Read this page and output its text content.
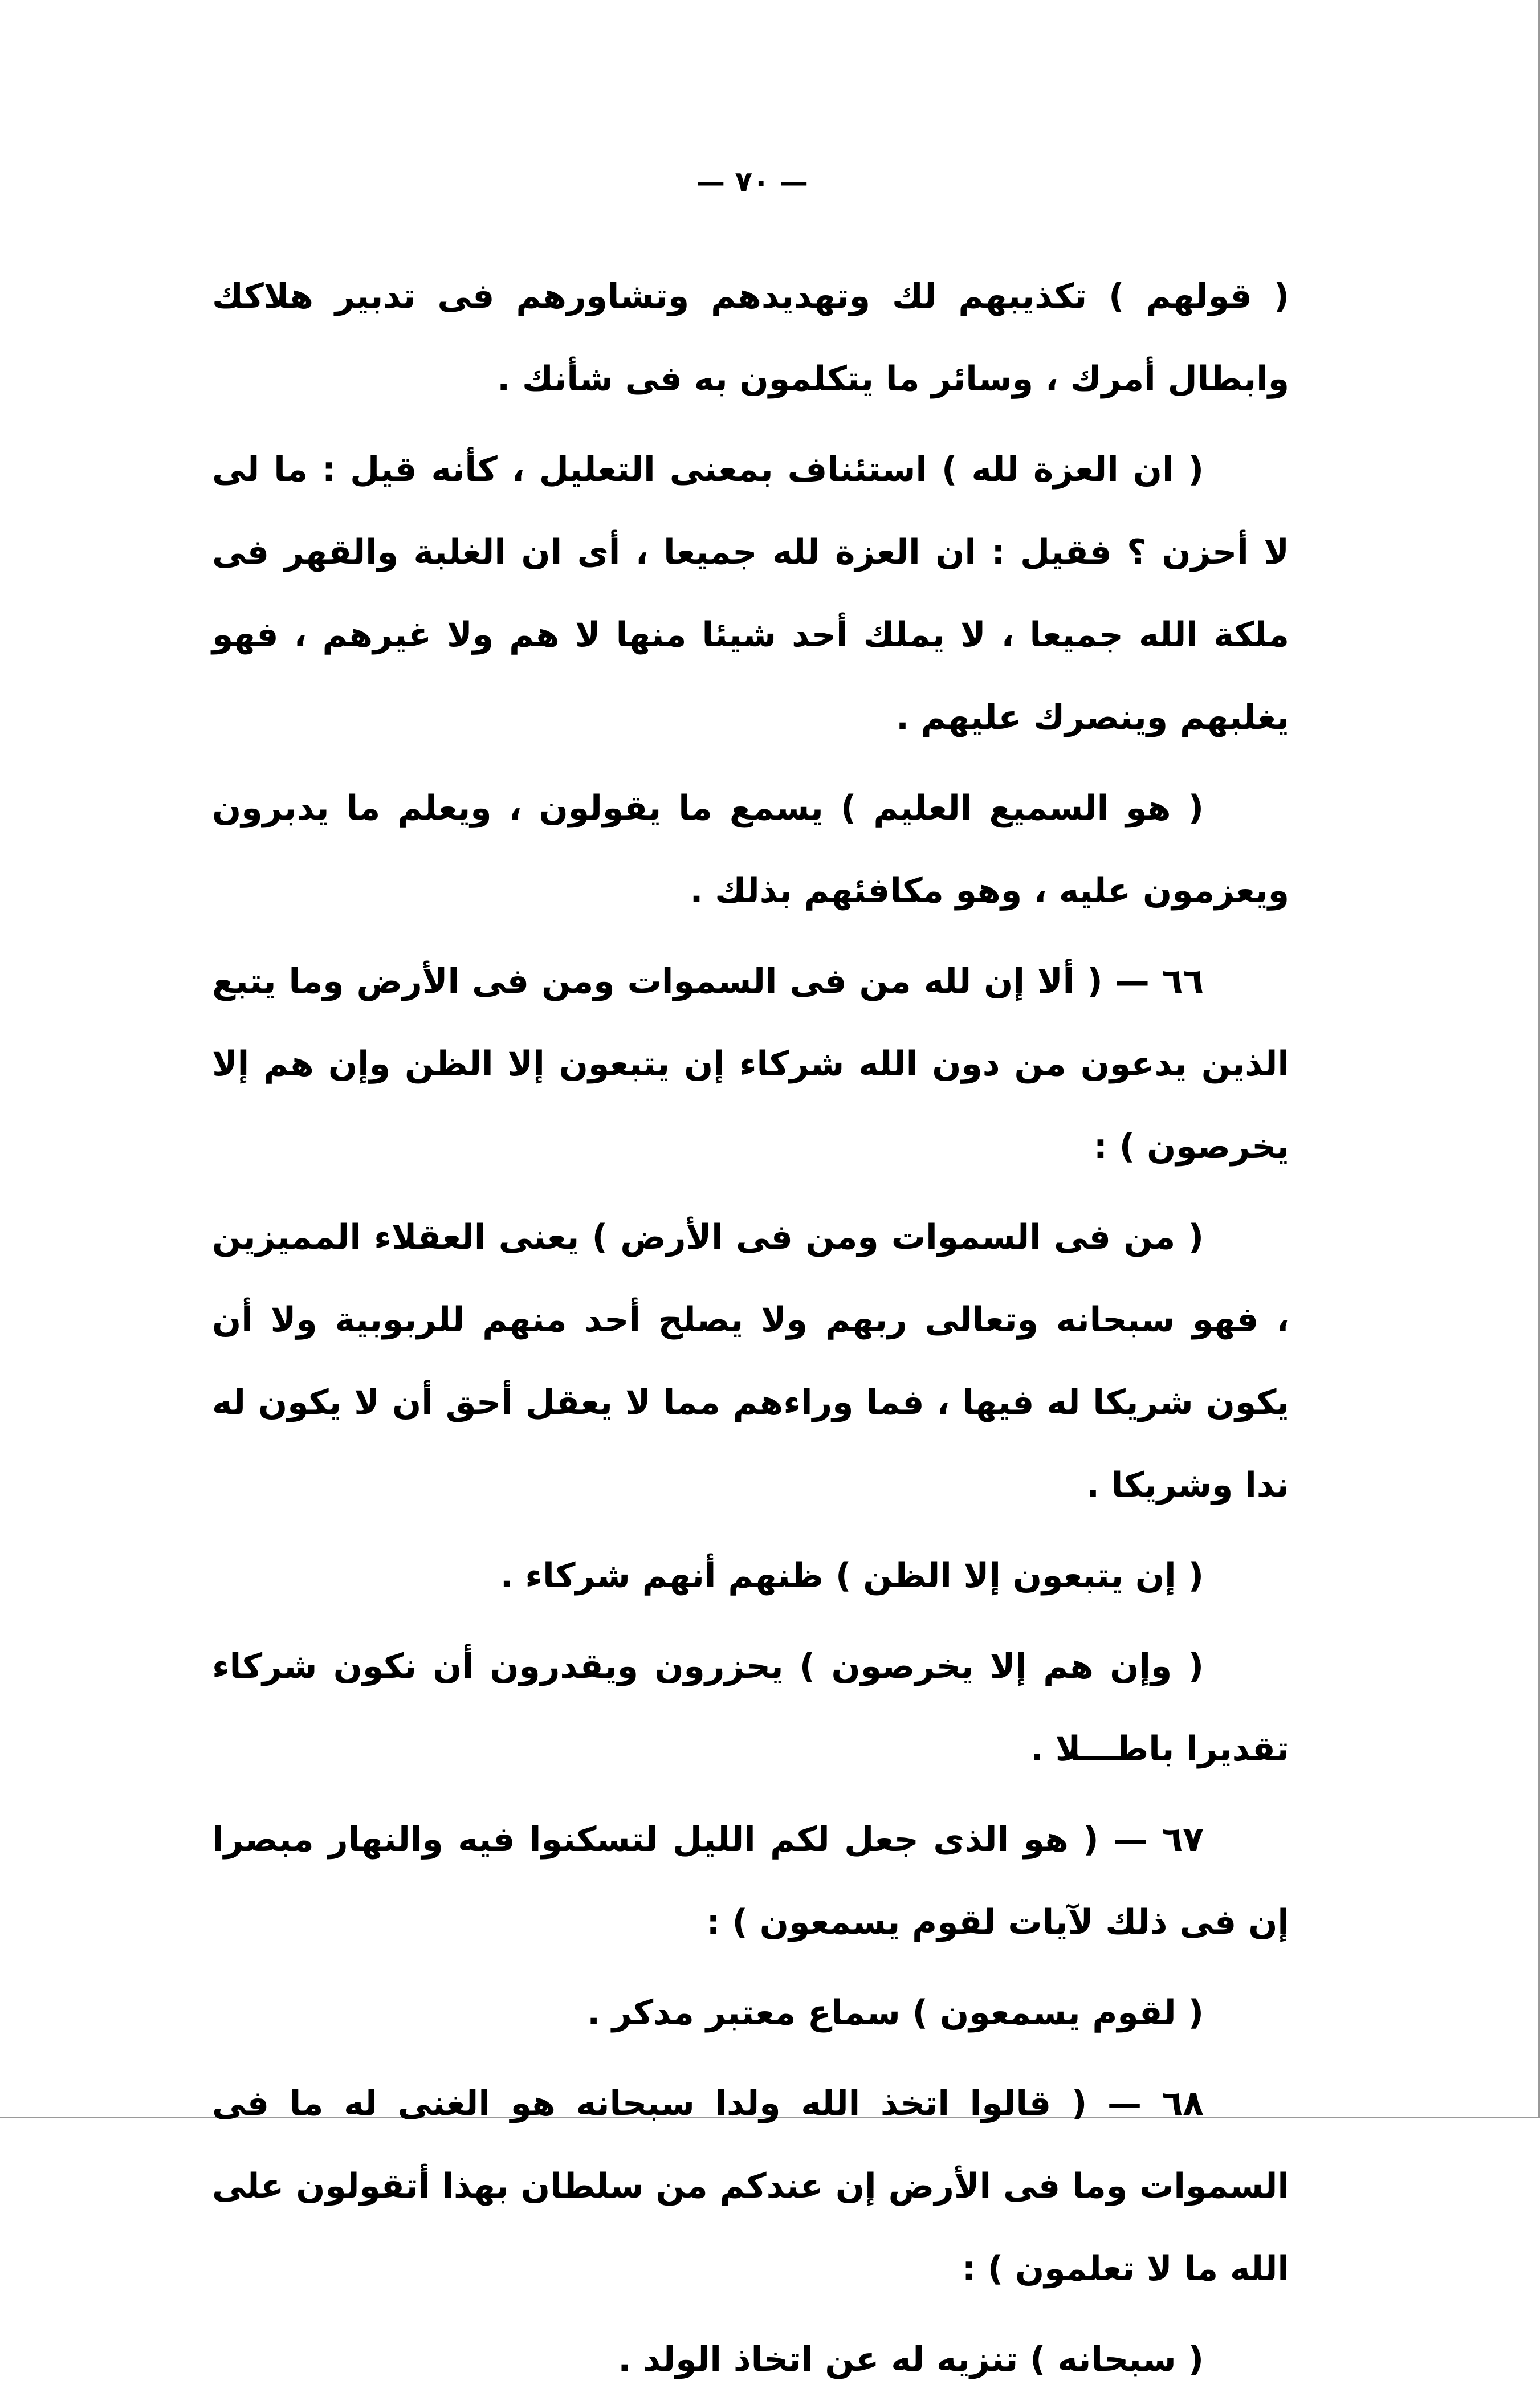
— ٧٠ —

( قولهم ) تكذيبهم لك وتهديدهم وتشاورهم فى تدبير هلاكك وابطال أمرك ، وسائر ما يتكلمون به فى شأنك .

( ان العزة لله ) استئناف بمعنى التعليل ، كأنه قيل : ما لى لا أحزن ؟ فقيل : ان العزة لله جميعا ، أى ان الغلبة والقهر فى ملكة الله جميعا ، لا يملك أحد شيئا منها لا هم ولا غيرهم ، فهو يغلبهم وينصرك عليهم .

( هو السميع العليم ) يسمع ما يقولون ، ويعلم ما يدبرون ويعزمون عليه ، وهو مكافئهم بذلك .

٦٦ — ( ألا إن لله من فى السموات ومن فى الأرض وما يتبع الذين يدعون من دون الله شركاء إن يتبعون إلا الظن وإن هم إلا يخرصون ) :

( من فى السموات ومن فى الأرض ) يعنى العقلاء المميزين ، فهو سبحانه وتعالى ربهم ولا يصلح أحد منهم للربوبية ولا أن يكون شريكا له فيها ، فما وراءهم مما لا يعقل أحق أن لا يكون له ندا وشريكا .

( إن يتبعون إلا الظن ) ظنهم أنهم شركاء .

( وإن هم إلا يخرصون ) يحزرون ويقدرون أن نكون شركاء تقديرا باطـــلا .

٦٧ — ( هو الذى جعل لكم الليل لتسكنوا فيه والنهار مبصرا إن فى ذلك لآيات لقوم يسمعون ) :

( لقوم يسمعون ) سماع معتبر مدكر .

٦٨ — ( قالوا اتخذ الله ولدا سبحانه هو الغنى له ما فى السموات وما فى الأرض إن عندكم من سلطان بهذا أتقولون على الله ما لا تعلمون ) :

( سبحانه ) تنزيه له عن اتخاذ الولد .
